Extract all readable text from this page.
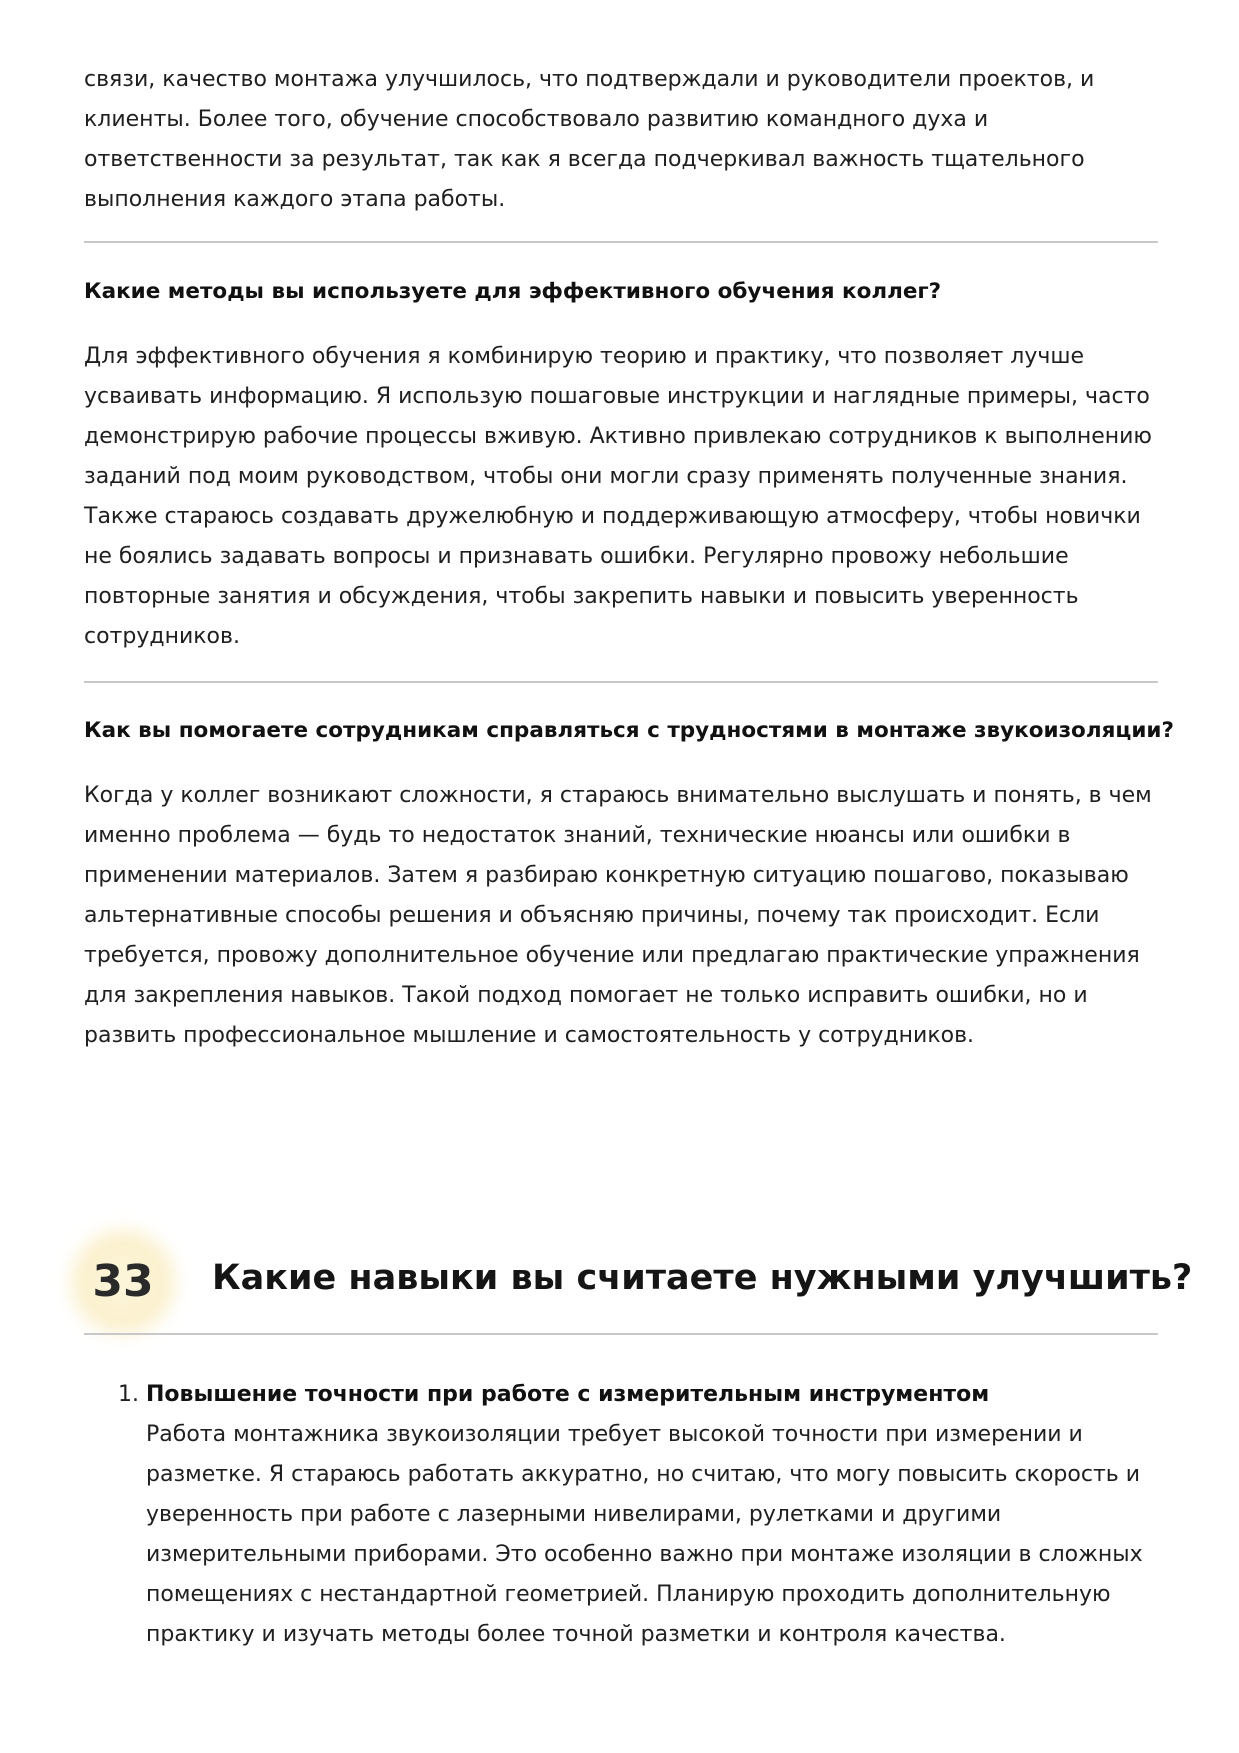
связи, качество монтажа улучшилось, что подтверждали и руководители проектов, и клиенты. Более того, обучение способствовало развитию командного духа и ответственности за результат, так как я всегда подчеркивал важность тщательного выполнения каждого этапа работы.

Какие методы вы используете для эффективного обучения коллег?

Для эффективного обучения я комбинирую теорию и практику, что позволяет лучше усваивать информацию. Я использую пошаговые инструкции и наглядные примеры, часто демонстрирую рабочие процессы вживую. Активно привлекаю сотрудников к выполнению заданий под моим руководством, чтобы они могли сразу применять полученные знания. Также стараюсь создавать дружелюбную и поддерживающую атмосферу, чтобы новички не боялись задавать вопросы и признавать ошибки. Регулярно провожу небольшие повторные занятия и обсуждения, чтобы закрепить навыки и повысить уверенность сотрудников.

Как вы помогаете сотрудникам справляться с трудностями в монтаже звукоизоляции?

Когда у коллег возникают сложности, я стараюсь внимательно выслушать и понять, в чем именно проблема — будь то недостаток знаний, технические нюансы или ошибки в применении материалов. Затем я разбираю конкретную ситуацию пошагово, показываю альтернативные способы решения и объясняю причины, почему так происходит. Если требуется, провожу дополнительное обучение или предлагаю практические упражнения для закрепления навыков. Такой подход помогает не только исправить ошибки, но и развить профессиональное мышление и самостоятельность у сотрудников.

33	Какие навыки вы считаете нужными улучшить?
1. Повышение точности при работе с измерительным инструментом

Работа монтажника звукоизоляции требует высокой точности при измерении и разметке. Я стараюсь работать аккуратно, но считаю, что могу повысить скорость и уверенность при работе с лазерными нивелирами, рулетками и другими измерительными приборами. Это особенно важно при монтаже изоляции в сложных помещениях с нестандартной геометрией. Планирую проходить дополнительную практику и изучать методы более точной разметки и контроля качества.
